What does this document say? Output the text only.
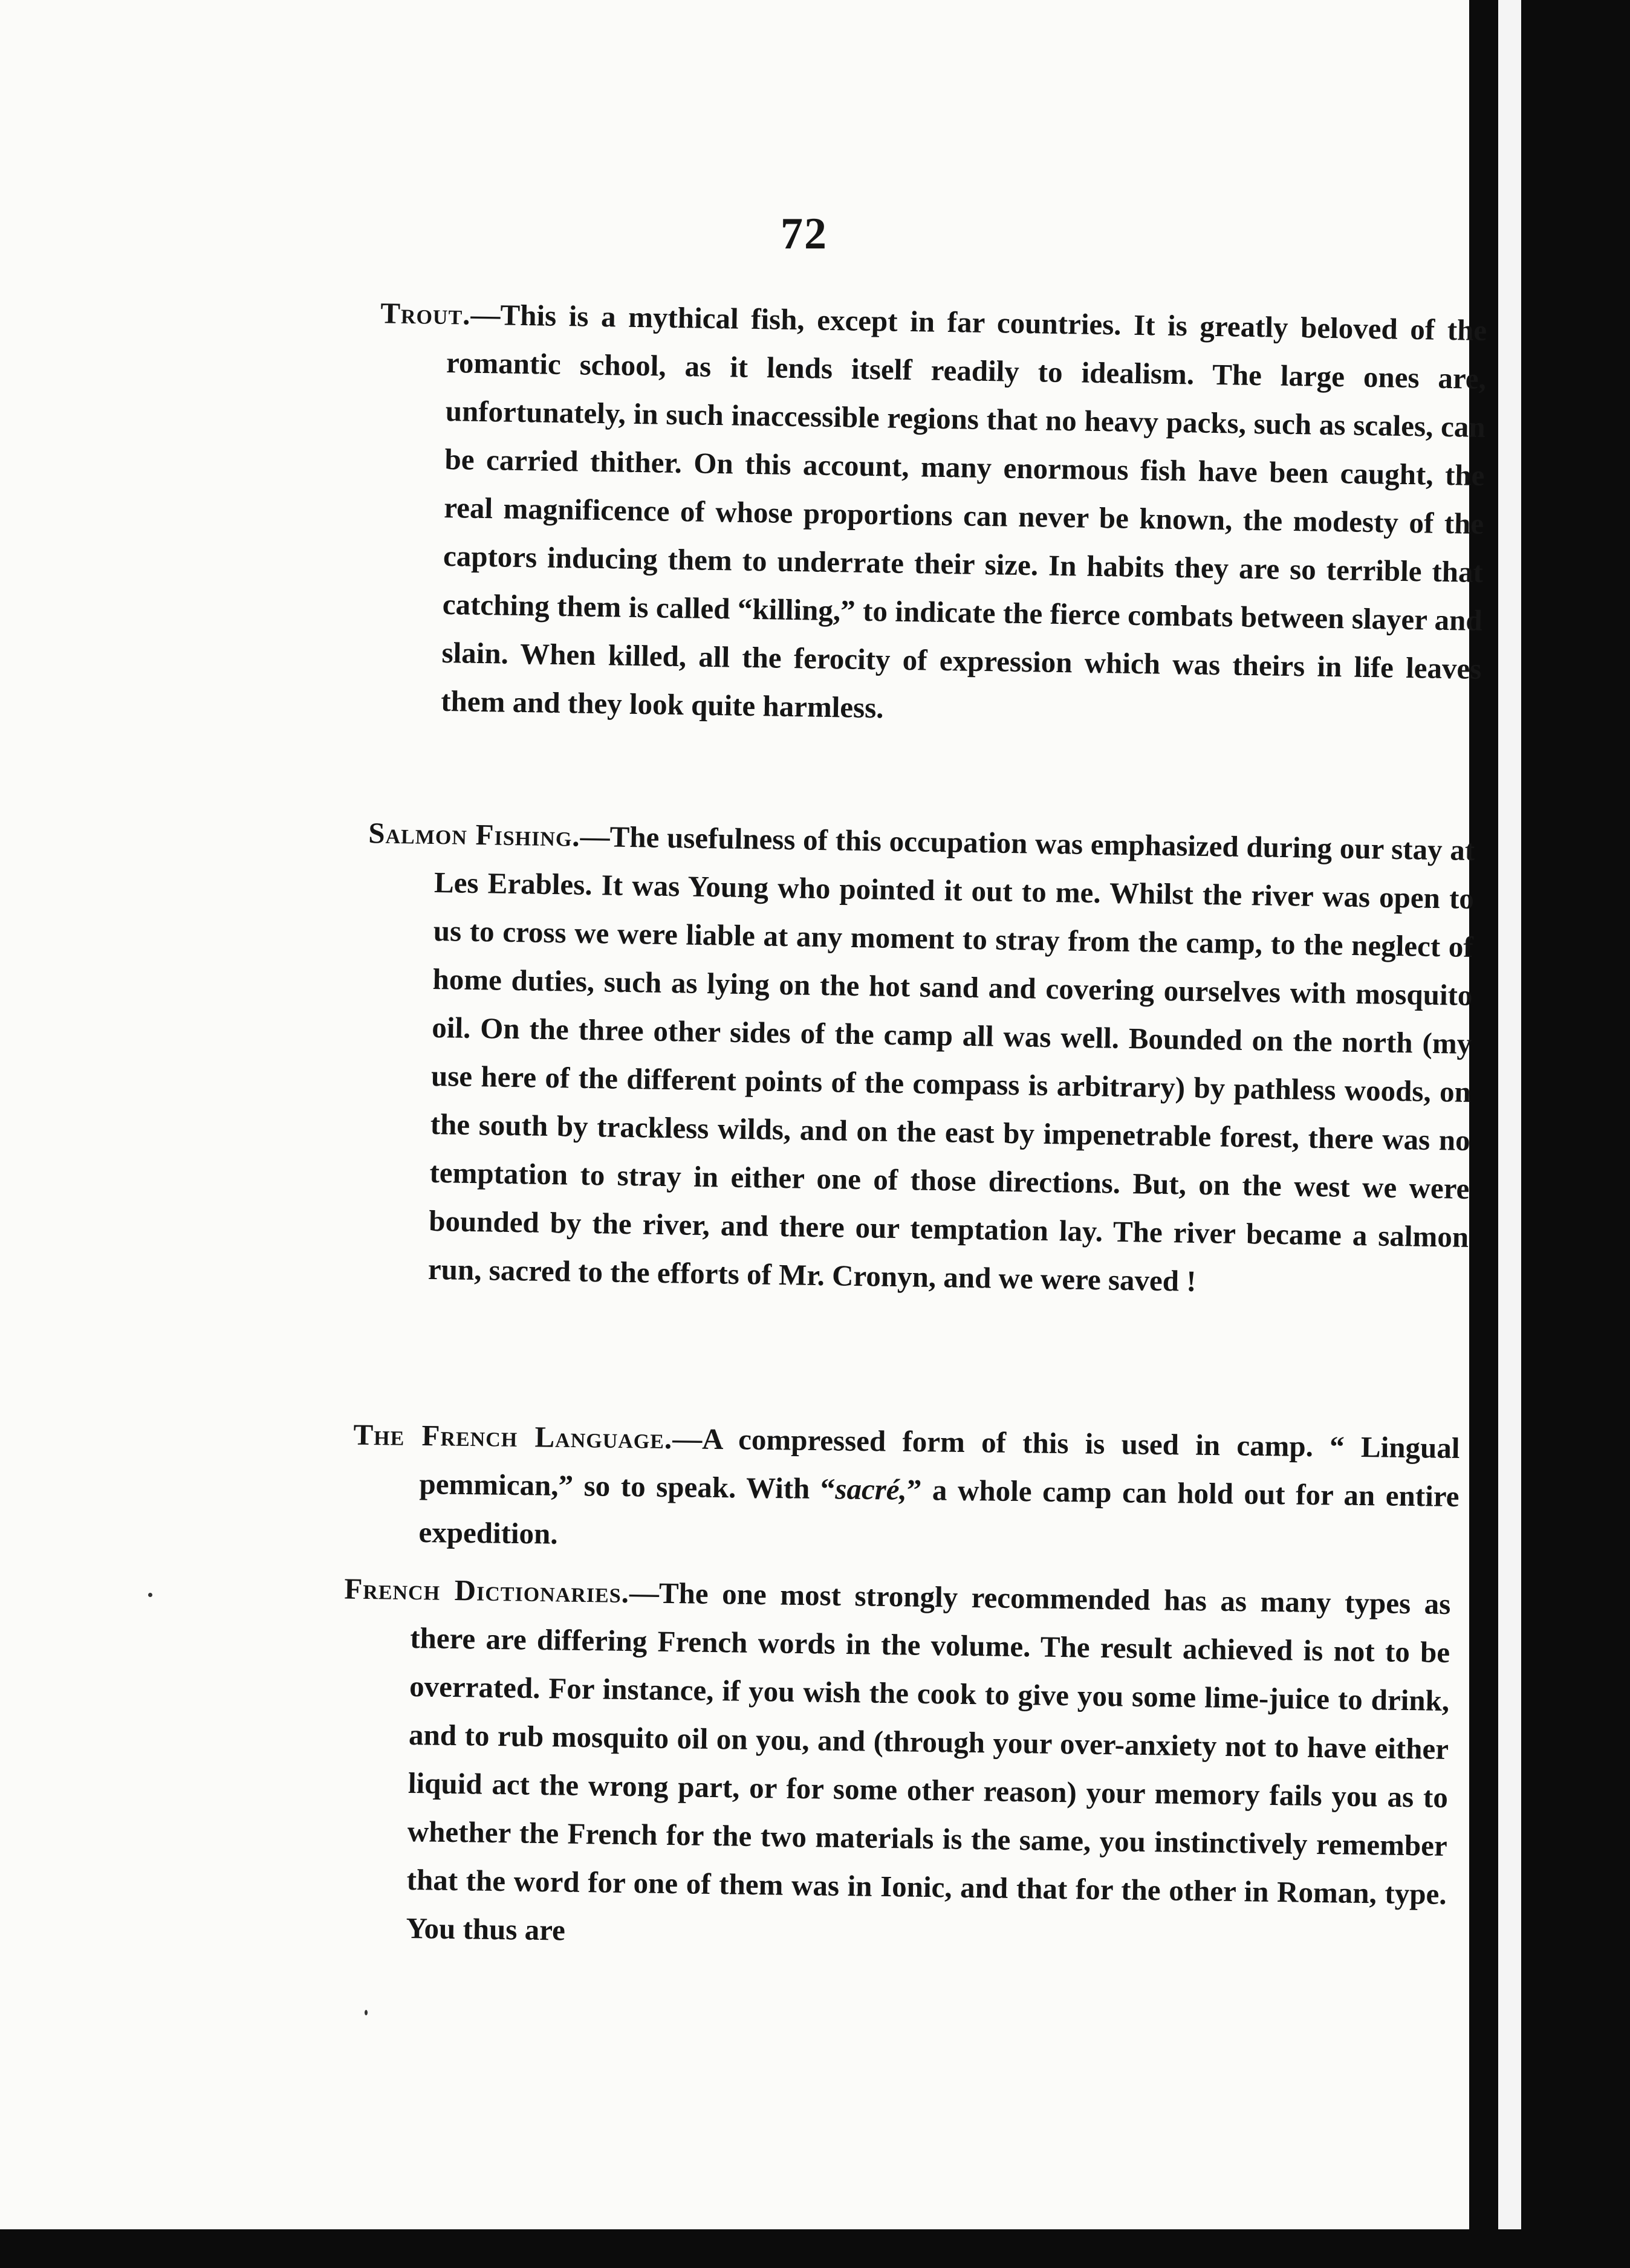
72
Trout.—This is a mythical fish, except in far countries. It is greatly beloved of the romantic school, as it lends itself readily to idealism. The large ones are, unfortunately, in such inaccessible regions that no heavy packs, such as scales, can be carried thither. On this account, many enormous fish have been caught, the real magnificence of whose proportions can never be known, the modesty of the captors inducing them to underrate their size. In habits they are so terrible that catching them is called “killing,” to indicate the fierce combats between slayer and slain. When killed, all the ferocity of expression which was theirs in life leaves them and they look quite harmless.
Salmon Fishing.—The usefulness of this occupation was emphasized during our stay at Les Erables. It was Young who pointed it out to me. Whilst the river was open to us to cross we were liable at any moment to stray from the camp, to the neglect of home duties, such as lying on the hot sand and covering ourselves with mosquito oil. On the three other sides of the camp all was well. Bounded on the north (my use here of the different points of the compass is arbitrary) by pathless woods, on the south by trackless wilds, and on the east by impenetrable forest, there was no temptation to stray in either one of those directions. But, on the west we were bounded by the river, and there our temptation lay. The river became a salmon run, sacred to the efforts of Mr. Cronyn, and we were saved !
The French Language.—A compressed form of this is used in camp. “ Lingual pemmican,” so to speak. With “sacré,” a whole camp can hold out for an entire expedition.
French Dictionaries.—The one most strongly recommended has as many types as there are differing French words in the volume. The result achieved is not to be overrated. For instance, if you wish the cook to give you some lime-juice to drink, and to rub mosquito oil on you, and (through your over-anxiety not to have either liquid act the wrong part, or for some other reason) your memory fails you as to whether the French for the two materials is the same, you instinctively remember that the word for one of them was in Ionic, and that for the other in Roman, type. You thus are
